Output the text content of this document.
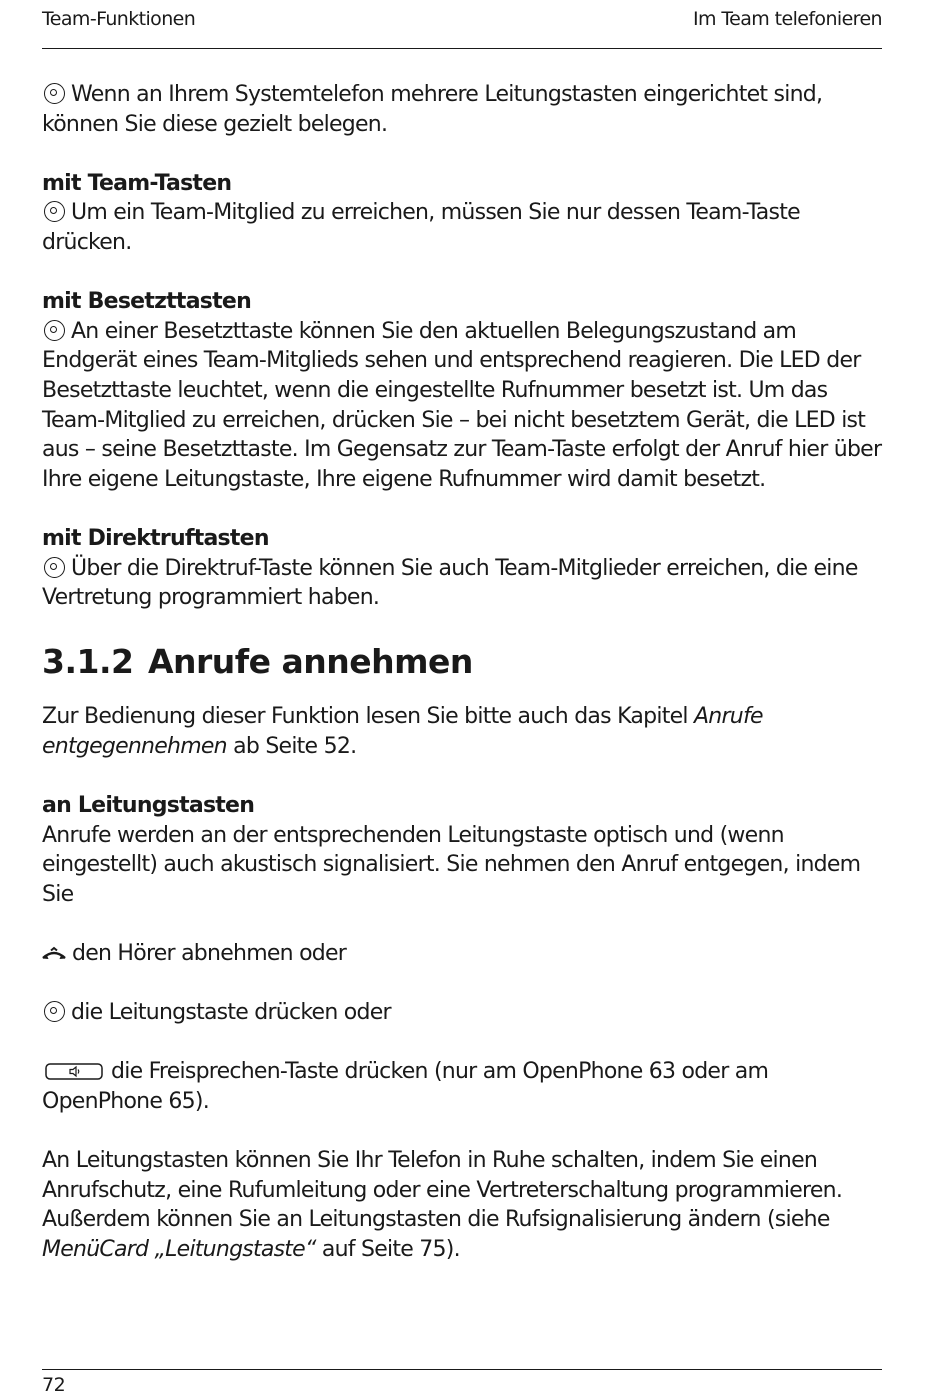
Team-Funktionen	Im Team telefonieren

Wenn an Ihrem Systemtelefon mehrere Leitungstasten eingerichtet sind, können Sie diese gezielt belegen.

mit Team-Tasten
Um ein Team-Mitglied zu erreichen, müssen Sie nur dessen Team-Taste drücken.

mit Besetzttasten
An einer Besetzttaste können Sie den aktuellen Belegungszustand am Endgerät eines Team-Mitglieds sehen und entsprechend reagieren. Die LED der Besetzttaste leuchtet, wenn die eingestellte Rufnummer besetzt ist. Um das Team-Mitglied zu erreichen, drücken Sie – bei nicht besetztem Gerät, die LED ist aus – seine Besetzttaste. Im Gegensatz zur Team-Taste erfolgt der Anruf hier über Ihre eigene Leitungstaste, Ihre eigene Rufnummer wird damit besetzt.

mit Direktruftasten
Über die Direktruf-Taste können Sie auch Team-Mitglieder erreichen, die eine Vertretung programmiert haben.

3.1.2 Anrufe annehmen

Zur Bedienung dieser Funktion lesen Sie bitte auch das Kapitel Anrufe entgegennehmen ab Seite 52.

an Leitungstasten
Anrufe werden an der entsprechenden Leitungstaste optisch und (wenn eingestellt) auch akustisch signalisiert. Sie nehmen den Anruf entgegen, indem Sie

den Hörer abnehmen oder

die Leitungstaste drücken oder

die Freisprechen-Taste drücken (nur am OpenPhone 63 oder am OpenPhone 65).

An Leitungstasten können Sie Ihr Telefon in Ruhe schalten, indem Sie einen Anrufschutz, eine Rufumleitung oder eine Vertreterschaltung programmieren. Außerdem können Sie an Leitungstasten die Rufsignalisierung ändern (siehe MenüCard „Leitungstaste“ auf Seite 75).

72
